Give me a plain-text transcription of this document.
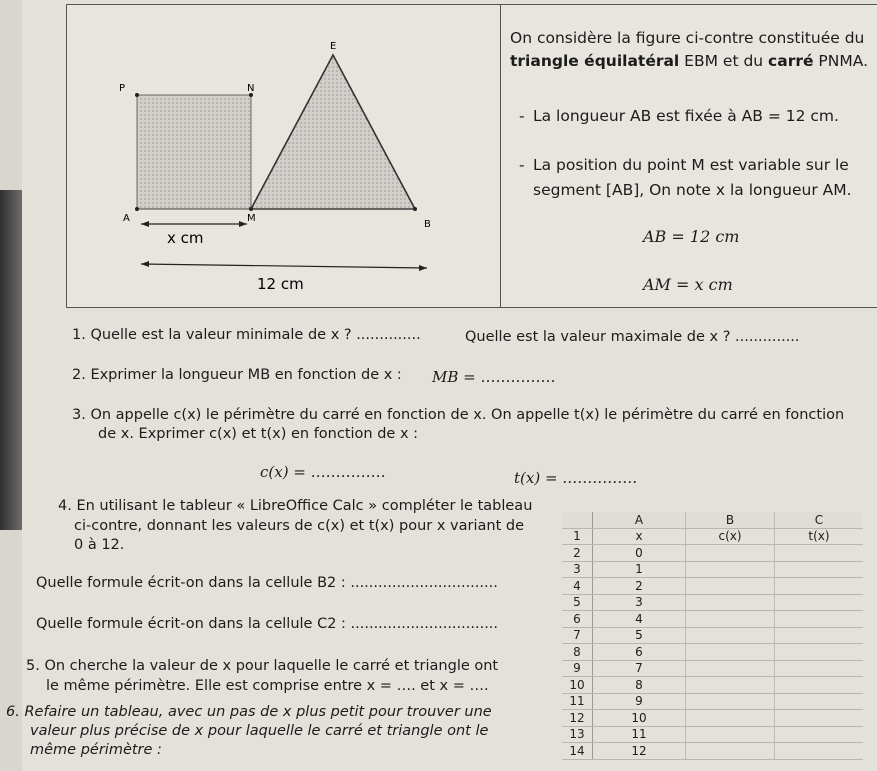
E
P	N
A	M
B
x cm
12 cm
On considère la figure ci-contre constituée du
triangle équilatéral EBM et du carré PNMA.
- La longueur AB est fixée à AB = 12 cm.
- La position du point M est variable sur le
segment [AB], On note x la longueur AM.
AB = 12 cm
AM = x cm
1. Quelle est la valeur minimale de x ? ..............	Quelle est la valeur maximale de x ? ..............
2. Exprimer la longueur MB en fonction de x : MB = ……………
3. On appelle c(x) le périmètre du carré en fonction de x. On appelle t(x) le périmètre du carré en fonction
de x. Exprimer c(x) et t(x) en fonction de x :
c(x) = ……………	t(x) = ……………
4. En utilisant le tableur « LibreOffice Calc » compléter le tableau
ci-contre, donnant les valeurs de c(x) et t(x) pour x variant de
0 à 12.
Quelle formule écrit-on dans la cellule B2 : ................................
Quelle formule écrit-on dans la cellule C2 : ................................
5. On cherche la valeur de x pour laquelle le carré et triangle ont
le même périmètre. Elle est comprise entre x = …. et x = ….
6. Refaire un tableau, avec un pas de x plus petit pour trouver une
valeur plus précise de x pour laquelle le carré et triangle ont le
même périmètre :
	A	B	C
1	x	c(x)	t(x)
2	0		
3	1		
4	2		
5	3		
6	4		
7	5		
8	6		
9	7		
10	8		
11	9		
12	10		
13	11		
14	12		
